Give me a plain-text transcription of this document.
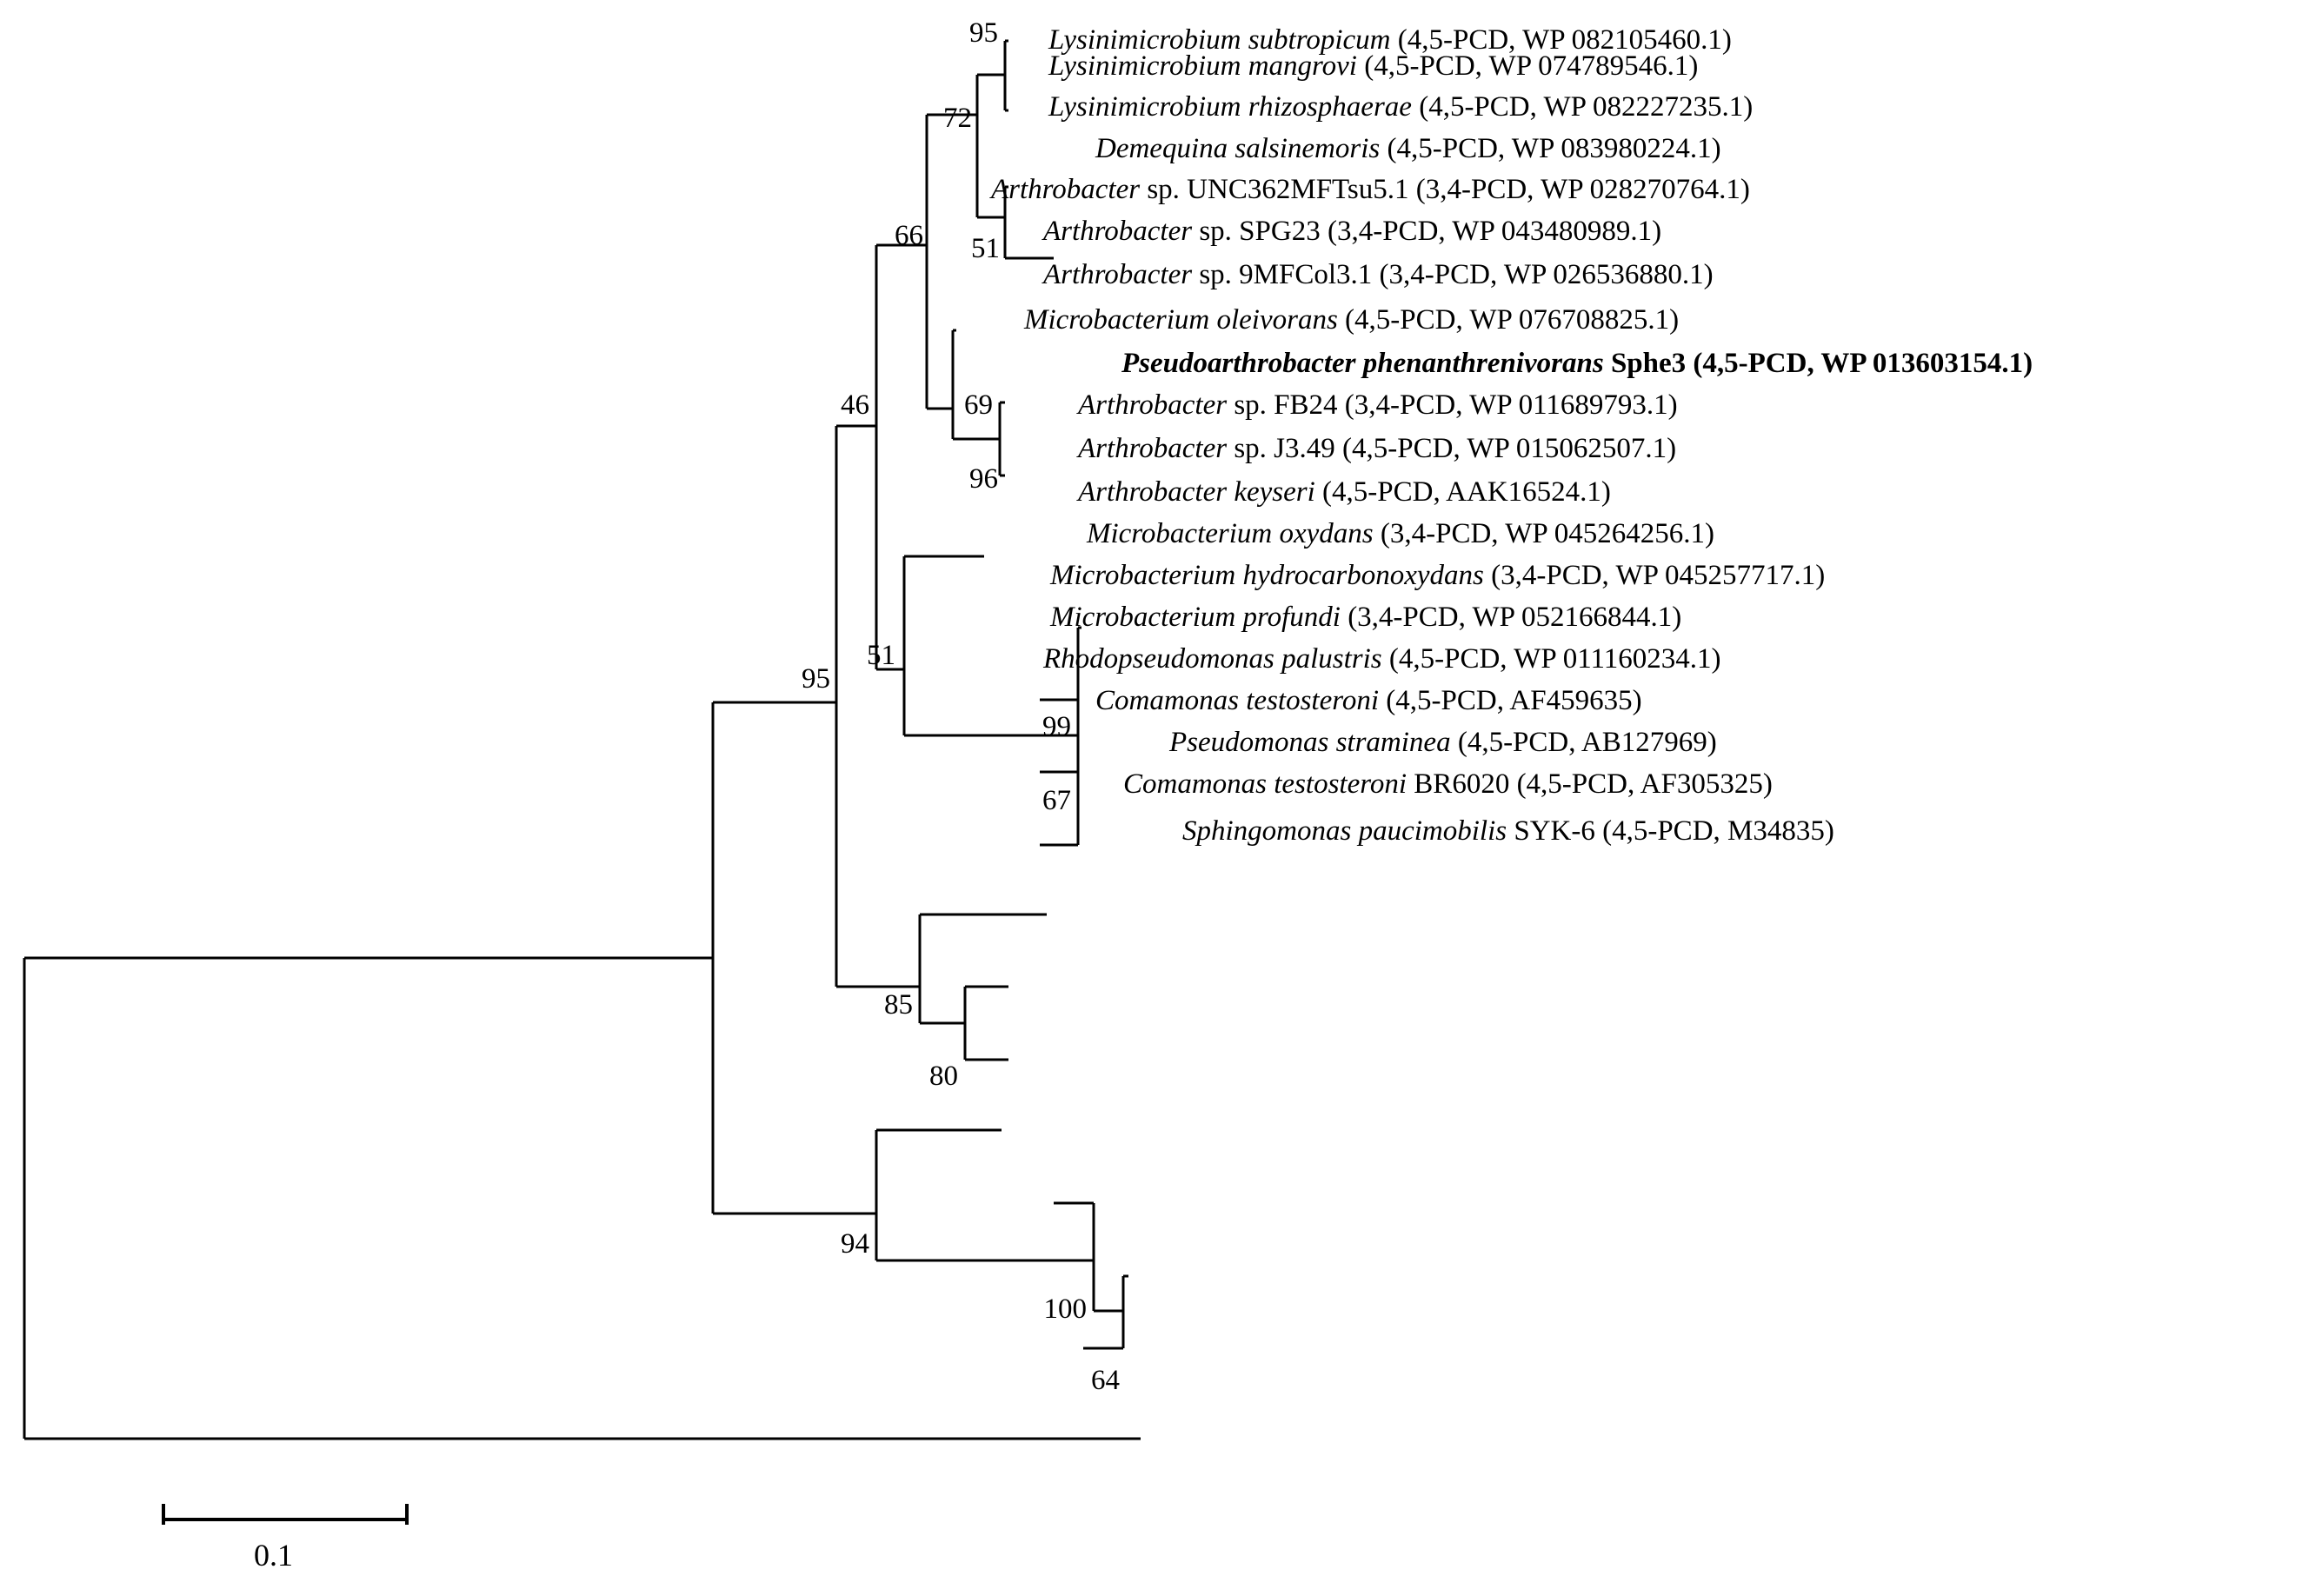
Lysinimicrobium subtropicum (4,5-PCD, WP 082105460.1)
Lysinimicrobium mangrovi (4,5-PCD, WP 074789546.1)
Lysinimicrobium rhizosphaerae (4,5-PCD, WP 082227235.1)
Demequina salsinemoris (4,5-PCD, WP 083980224.1)
Arthrobacter sp. UNC362MFTsu5.1 (3,4-PCD, WP 028270764.1)
Arthrobacter sp. SPG23 (3,4-PCD, WP 043480989.1)
Arthrobacter sp. 9MFCol3.1 (3,4-PCD, WP 026536880.1)
Microbacterium oleivorans (4,5-PCD, WP 076708825.1)
Pseudoarthrobacter phenanthrenivorans Sphe3 (4,5-PCD, WP 013603154.1)
Arthrobacter sp. FB24 (3,4-PCD, WP 011689793.1)
Arthrobacter sp. J3.49 (4,5-PCD, WP 015062507.1)
Arthrobacter keyseri (4,5-PCD, AAK16524.1)
Microbacterium oxydans (3,4-PCD, WP 045264256.1)
Microbacterium hydrocarbonoxydans (3,4-PCD, WP 045257717.1)
Microbacterium profundi (3,4-PCD, WP 052166844.1)
Rhodopseudomonas palustris (4,5-PCD, WP 011160234.1)
Comamonas testosteroni (4,5-PCD, AF459635)
Pseudomonas straminea (4,5-PCD, AB127969)
Comamonas testosteroni BR6020 (4,5-PCD, AF305325)
Sphingomonas paucimobilis SYK-6 (4,5-PCD, M34835)
95
72
51
66
69
96
46
51
95
99
67
85
80
94
100
64
0.1
